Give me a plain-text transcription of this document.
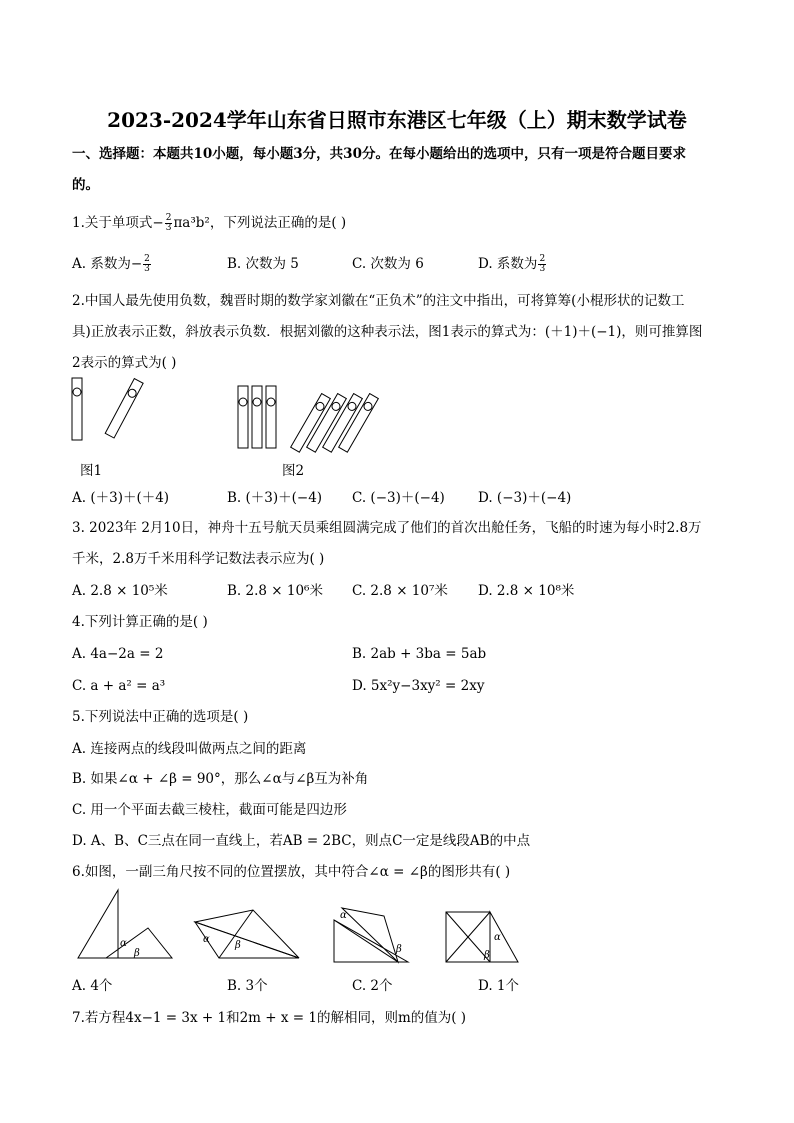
2023-2024学年山东省日照市东港区七年级（上）期末数学试卷
一、选择题：本题共10小题，每小题3分，共30分。在每小题给出的选项中，只有一项是符合题目要求
的。
1.关于单项式− $\frac{2}{3} \pi a^3b^2$，下列说法正确的是( )
A. 系数为− $\frac{2}{3}$	B. 次数为 5	C. 次数为 6	D. 系数为 $\frac{2}{3}$
2.中国人最先使用负数，魏晋时期的数学家刘徽在“正负术”的注文中指出，可将算筹(小棍形状的记数工
具)正放表示正数，斜放表示负数．根据刘徽的这种表示法，图1表示的算式为：(＋1)＋(−1)，则可推算图
2表示的算式为( )
图1	图2
A. (＋3)＋(＋4)	B. (＋3)＋(−4) C. (−3)＋(−4) D. (−3)＋(−4)
3. 2023年 2月10日，神舟十五号航天员乘组圆满完成了他们的首次出舱任务，飞船的时速为每小时2.8万
千米，2.8万千米用科学记数法表示应为( )
A. 2.8 × 10⁵米	B. 2.8 × 10⁶米 C. 2.8 × 10⁷米 D. 2.8 × 10⁸米
4.下列计算正确的是( )
A. 4a−2a = 2	B. 2ab + 3ba = 5ab
C. a + a² = a³	D. 5x²y−3xy² = 2xy
5.下列说法中正确的选项是( )
A. 连接两点的线段叫做两点之间的距离
B. 如果∠α + ∠β = 90°，那么∠α与∠β互为补角
C. 用一个平面去截三棱柱，截面可能是四边形
D. A、B、C三点在同一直线上，若AB = 2BC，则点C一定是线段AB的中点
6.如图，一副三角尺按不同的位置摆放，其中符合∠α = ∠β的图形共有( )
α
β
α
β
α
β
α
β
A. 4个	B. 3个	C. 2个	D. 1个
7.若方程4x−1 = 3x + 1和2m + x = 1的解相同，则m的值为( )
